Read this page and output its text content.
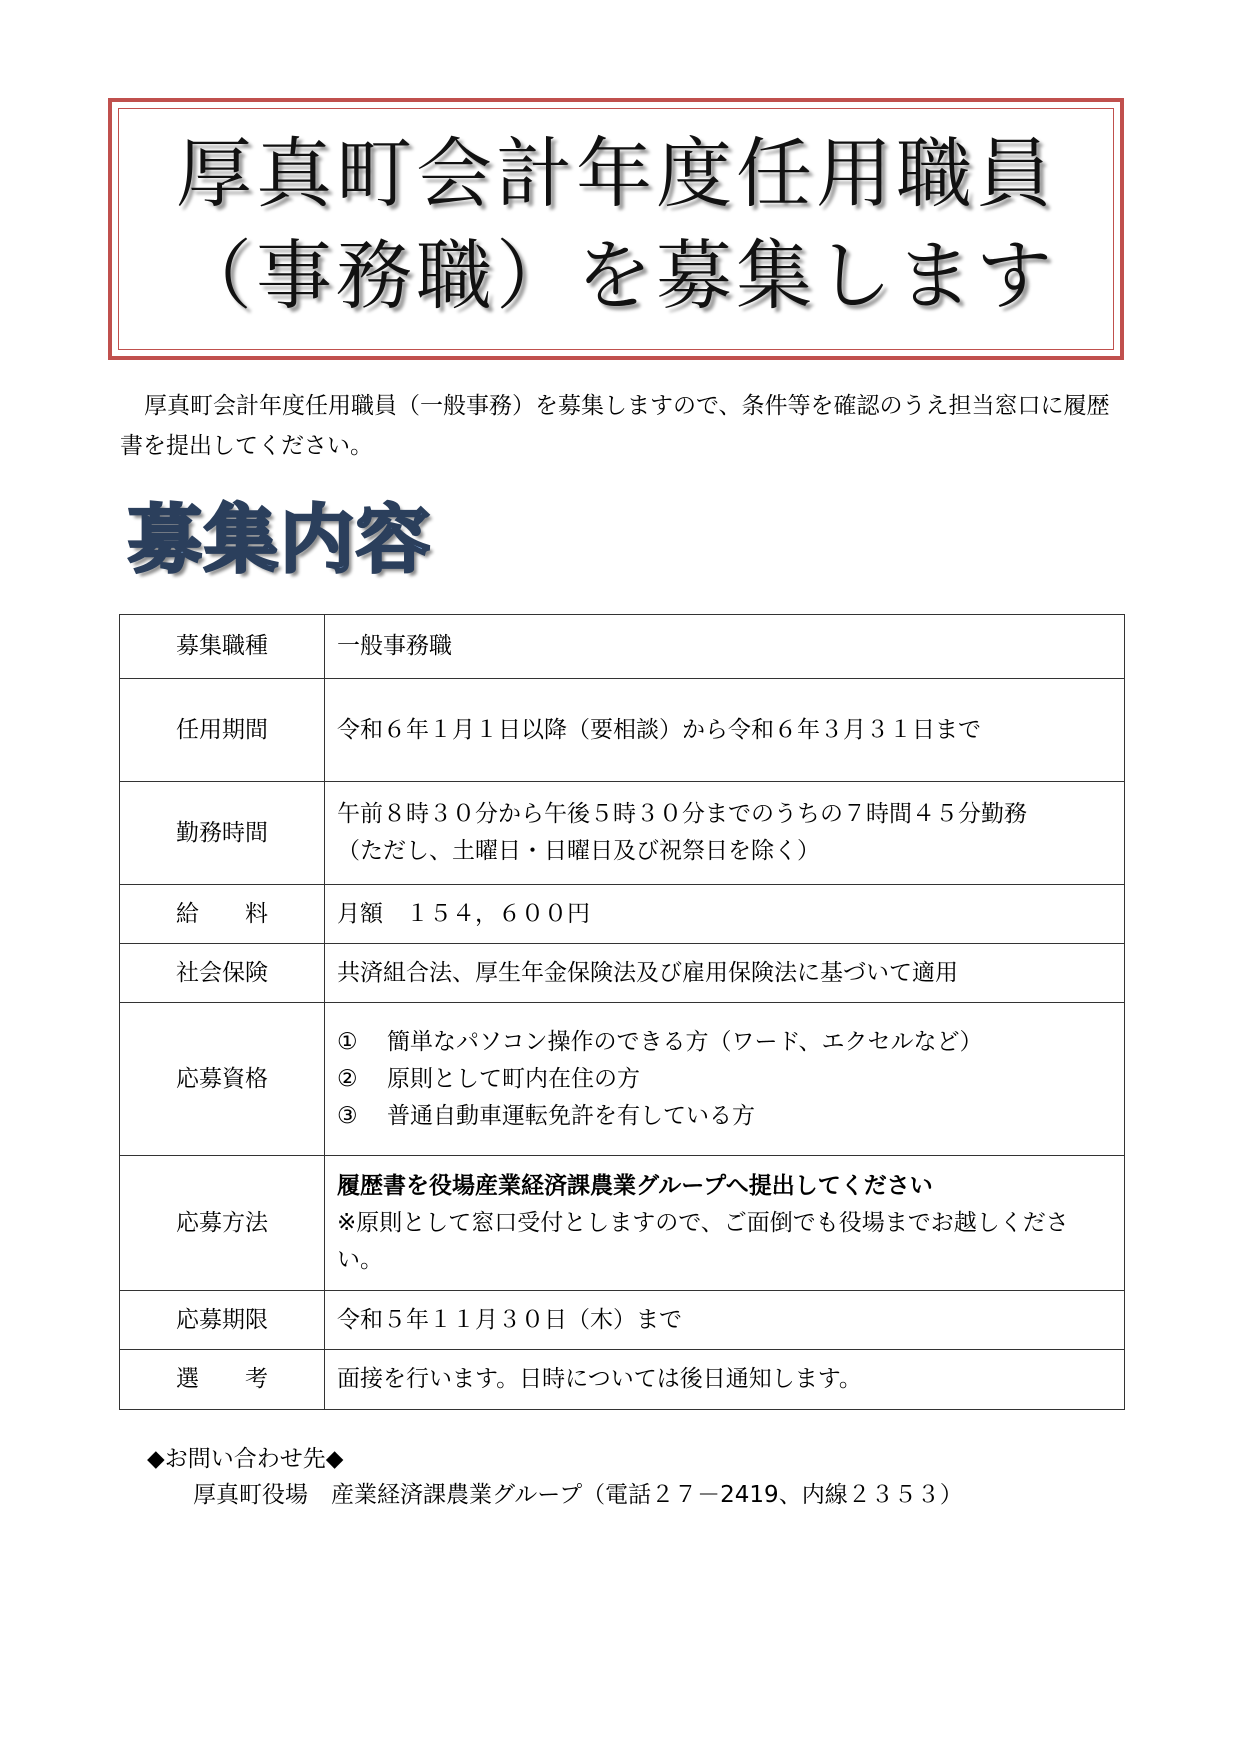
厚真町会計年度任用職員
（事務職）を募集します
厚真町会計年度任用職員（一般事務）を募集しますので、条件等を確認のうえ担当窓口に履歴書を提出してください。
募集内容
募集職種	一般事務職
任用期間	令和６年１月１日以降（要相談）から令和６年３月３１日まで
勤務時間	午前８時３０分から午後５時３０分までのうちの７時間４５分勤務
（ただし、土曜日・日曜日及び祝祭日を除く）

給　　料	月額　１５４，６００円
社会保険	共済組合法、厚生年金保険法及び雇用保険法に基づいて適用
応募資格	① 簡単なパソコン操作のできる方（ワード、エクセルなど）
② 原則として町内在住の方
③ 普通自動車運転免許を有している方

応募方法	履歴書を役場産業経済課農業グループへ提出してください
※原則として窓口受付としますので、ご面倒でも役場までお越しください。

応募期限	令和５年１１月３０日（木）まで
選　　考	面接を行います。日時については後日通知します。
◆お問い合わせ先◆
厚真町役場　産業経済課農業グループ（電話２７－2419、内線２３５３）
